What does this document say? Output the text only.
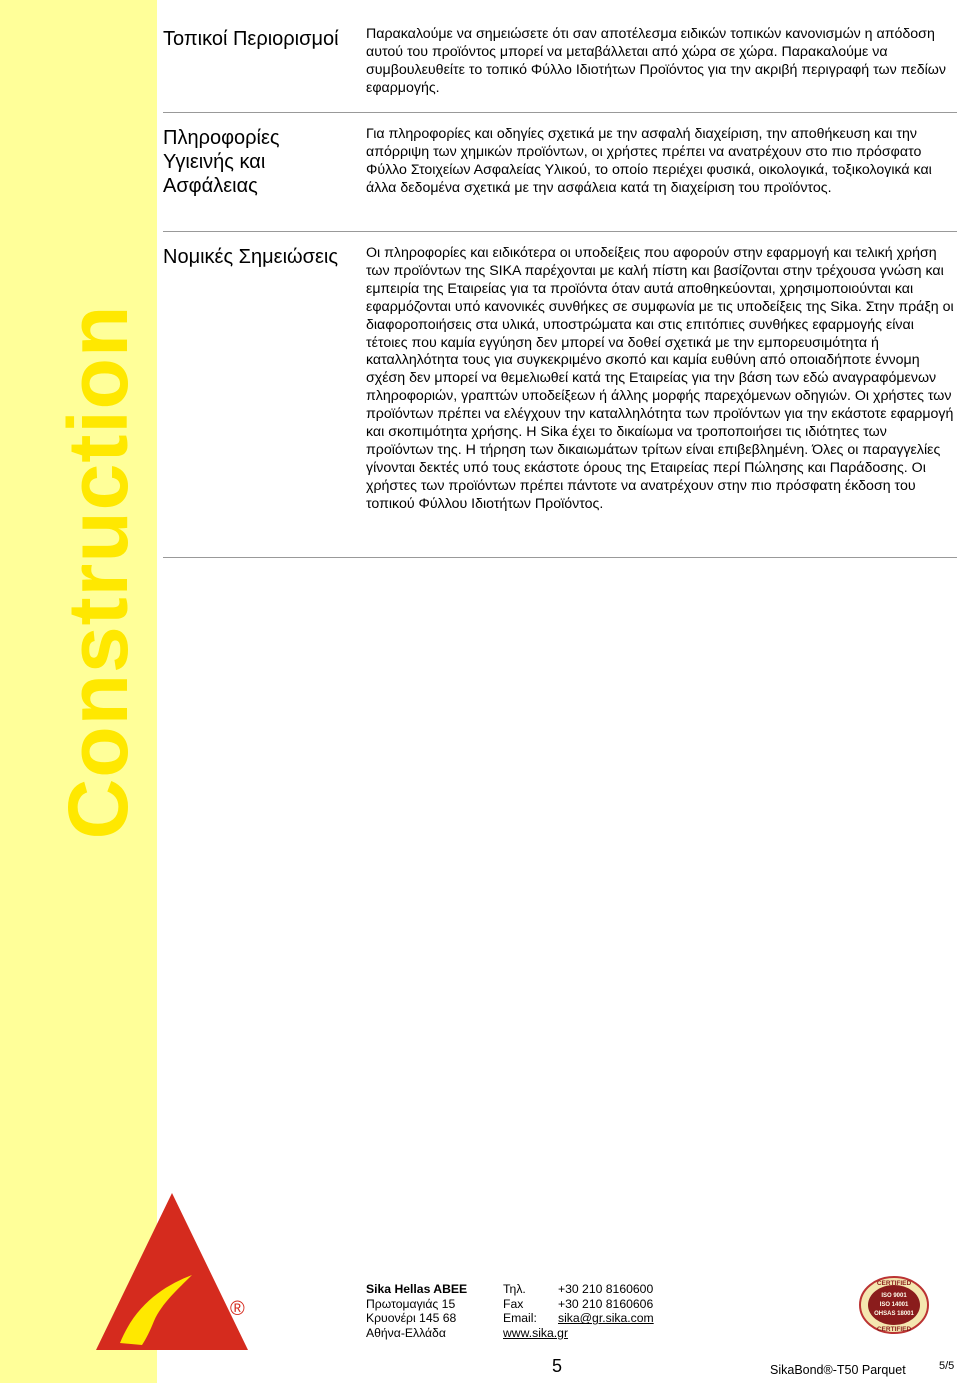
Construction
Τοπικοί Περιορισμοί
Πληροφορίες Υγιεινής και Ασφάλειας
Νομικές Σημειώσεις
Παρακαλούμε να σημειώσετε ότι σαν αποτέλεσμα ειδικών τοπικών κανονισμών η απόδοση αυτού του προϊόντος μπορεί να μεταβάλλεται από χώρα σε χώρα. Παρακαλούμε να συμβουλευθείτε το τοπικό Φύλλο Ιδιοτήτων Προϊόντος για την ακριβή περιγραφή των πεδίων εφαρμογής.
Για πληροφορίες και οδηγίες σχετικά με την ασφαλή διαχείριση, την αποθήκευση και την απόρριψη των χημικών προϊόντων, οι χρήστες πρέπει να ανατρέχουν στο πιο πρόσφατο Φύλλο Στοιχείων Ασφαλείας Υλικού, το οποίο περιέχει φυσικά, οικολογικά, τοξικολογικά και άλλα δεδομένα σχετικά με την ασφάλεια κατά τη διαχείριση του προϊόντος.
Οι πληροφορίες και ειδικότερα οι υποδείξεις που αφορούν στην εφαρμογή και τελική χρήση των προϊόντων της SIKA παρέχονται με καλή πίστη και βασίζονται στην τρέχουσα γνώση και εμπειρία της Εταιρείας για τα προϊόντα όταν αυτά αποθηκεύονται, χρησιμοποιούνται και εφαρμόζονται υπό κανονικές συνθήκες σε συμφωνία με τις υποδείξεις της Sika. Στην πράξη οι διαφοροποιήσεις στα υλικά, υποστρώματα και στις επιτόπιες συνθήκες εφαρμογής είναι τέτοιες που καμία εγγύηση δεν μπορεί να δοθεί σχετικά με την εμπορευσιμότητα ή καταλληλότητα τους για συγκεκριμένο σκοπό και καμία ευθύνη από οποιαδήποτε έννομη σχέση δεν μπορεί να θεμελιωθεί κατά της Εταιρείας για την βάση των εδώ αναγραφόμενων πληροφοριών, γραπτών υποδείξεων ή άλλης μορφής παρεχόμενων οδηγιών. Οι χρήστες των προϊόντων πρέπει να ελέγχουν την καταλληλότητα των προϊόντων για την εκάστοτε εφαρμογή και σκοπιμότητα χρήσης. Η Sika έχει το δικαίωμα να τροποποιήσει τις ιδιότητες των προϊόντων της. Η τήρηση των δικαιωμάτων τρίτων είναι επιβεβλημένη. Όλες οι παραγγελίες γίνονται δεκτές υπό τους εκάστοτε όρους της Εταιρείας περί Πώλησης και Παράδοσης. Οι χρήστες των προϊόντων πρέπει πάντοτε να ανατρέχουν στην πιο πρόσφατη έκδοση του τοπικού Φύλλου Ιδιοτήτων Προϊόντος.
®
Sika Hellas ABEE
Πρωτομαγιάς 15
Κρυονέρι 145 68
Αθήνα-Ελλάδα
Τηλ.
Fax
Email:
www.sika.gr
+30 210 8160600
+30 210 8160606
sika@gr.sika.com
CERTIFIED
ISO 9001
ISO 14001
OHSAS 18001
CERTIFIED
5	SikaBond®-T50 Parquet	5/5
